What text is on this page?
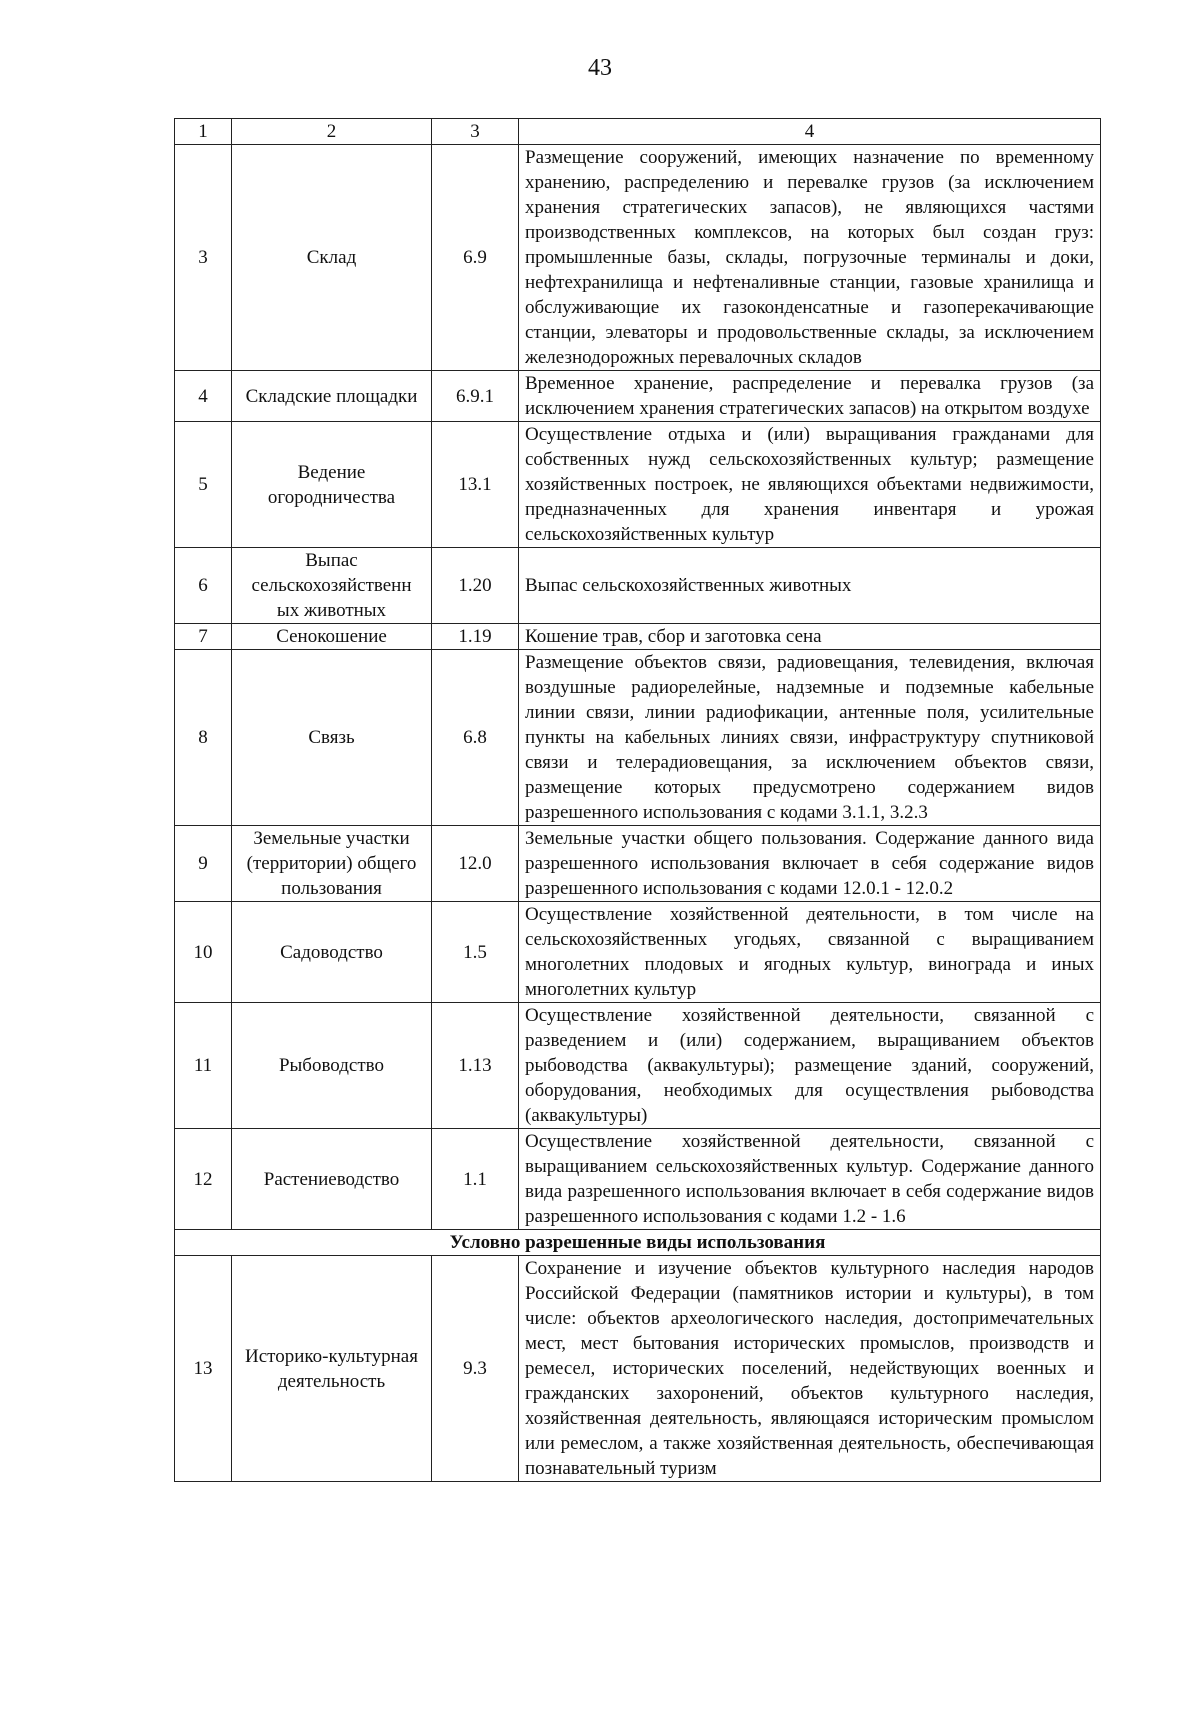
43
1	2	3	4
3	Склад	6.9	Размещение сооружений, имеющих назначение по временному хранению, распределению и перевалке грузов (за исключением хранения стратегических запасов), не являющихся частями производственных комплексов, на которых был создан груз: промышленные базы, склады, погрузочные терминалы и доки, нефтехранилища и нефтеналивные станции, газовые хранилища и обслуживающие их газоконденсатные и газоперекачивающие станции, элеваторы и продовольственные склады, за исключением железнодорожных перевалочных складов
4	Складские площадки	6.9.1	Временное хранение, распределение и перевалка грузов (за исключением хранения стратегических запасов) на открытом воздухе
5	Ведение огородничества	13.1	Осуществление отдыха и (или) выращивания гражданами для собственных нужд сельскохозяйственных культур; размещение хозяйственных построек, не являющихся объектами недвижимости, предназначенных для хранения инвентаря и урожая сельскохозяйственных культур
6	Выпас сельскохозяйственн ых животных	1.20	Выпас сельскохозяйственных животных
7	Сенокошение	1.19	Кошение трав, сбор и заготовка сена
8	Связь	6.8	Размещение объектов связи, радиовещания, телевидения, включая воздушные радиорелейные, надземные и подземные кабельные линии связи, линии радиофикации, антенные поля, усилительные пункты на кабельных линиях связи, инфраструктуру спутниковой связи и телерадиовещания, за исключением объектов связи, размещение которых предусмотрено содержанием видов разрешенного использования с кодами 3.1.1, 3.2.3
9	Земельные участки (территории) общего пользования	12.0	Земельные участки общего пользования. Содержание данного вида разрешенного использования включает в себя содержание видов разрешенного использования с кодами 12.0.1 - 12.0.2
10	Садоводство	1.5	Осуществление хозяйственной деятельности, в том числе на сельскохозяйственных угодьях, связанной с выращиванием многолетних плодовых и ягодных культур, винограда и иных многолетних культур
11	Рыбоводство	1.13	Осуществление хозяйственной деятельности, связанной с разведением и (или) содержанием, выращиванием объектов рыбоводства (аквакультуры); размещение зданий, сооружений, оборудования, необходимых для осуществления рыбоводства (аквакультуры)
12	Растениеводство	1.1	Осуществление хозяйственной деятельности, связанной с выращиванием сельскохозяйственных культур. Содержание данного вида разрешенного использования включает в себя содержание видов разрешенного использования с кодами 1.2 - 1.6
Условно разрешенные виды использования			
13	Историко-культурная деятельность	9.3	Сохранение и изучение объектов культурного наследия народов Российской Федерации (памятников истории и культуры), в том числе: объектов археологического наследия, достопримечательных мест, мест бытования исторических промыслов, производств и ремесел, исторических поселений, недействующих военных и гражданских захоронений, объектов культурного наследия, хозяйственная деятельность, являющаяся историческим промыслом или ремеслом, а также хозяйственная деятельность, обеспечивающая познавательный туризм
